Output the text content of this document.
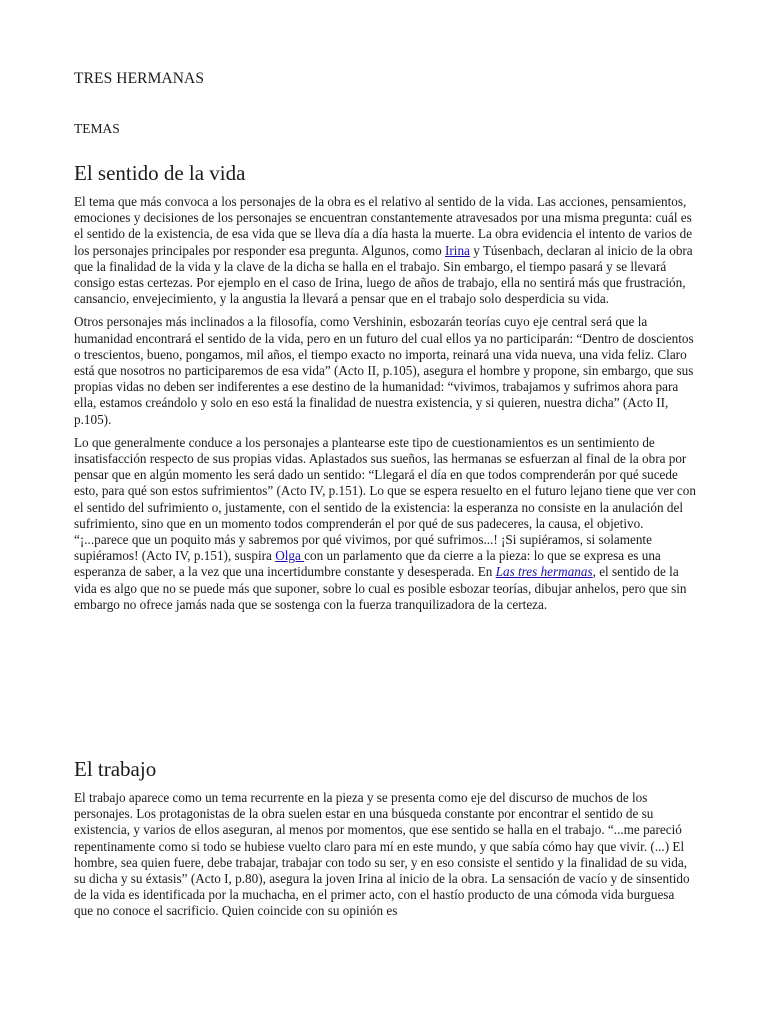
TRES HERMANAS
TEMAS
El sentido de la vida

El tema que más convoca a los personajes de la obra es el relativo al sentido de la vida. Las acciones, pensamientos, emociones y decisiones de los personajes se encuentran constantemente atravesados por una misma pregunta: cuál es el sentido de la existencia, de esa vida que se lleva día a día hasta la muerte. La obra evidencia el intento de varios de los personajes principales por responder esa pregunta. Algunos, como Irina y Túsenbach, declaran al inicio de la obra que la finalidad de la vida y la clave de la dicha se halla en el trabajo. Sin embargo, el tiempo pasará y se llevará consigo estas certezas. Por ejemplo en el caso de Irina, luego de años de trabajo, ella no sentirá más que frustración, cansancio, envejecimiento, y la angustia la llevará a pensar que en el trabajo solo desperdicia su vida.

Otros personajes más inclinados a la filosofía, como Vershinin, esbozarán teorías cuyo eje central será que la humanidad encontrará el sentido de la vida, pero en un futuro del cual ellos ya no participarán: “Dentro de doscientos o trescientos, bueno, pongamos, mil años, el tiempo exacto no importa, reinará una vida nueva, una vida feliz. Claro está que nosotros no participaremos de esa vida” (Acto II, p.105), asegura el hombre y propone, sin embargo, que sus propias vidas no deben ser indiferentes a ese destino de la humanidad: “vivimos, trabajamos y sufrimos ahora para ella, estamos creándolo y solo en eso está la finalidad de nuestra existencia, y si quieren, nuestra dicha” (Acto II, p.105).

Lo que generalmente conduce a los personajes a plantearse este tipo de cuestionamientos es un sentimiento de insatisfacción respecto de sus propias vidas. Aplastados sus sueños, las hermanas se esfuerzan al final de la obra por pensar que en algún momento les será dado un sentido: “Llegará el día en que todos comprenderán por qué sucede esto, para qué son estos sufrimientos” (Acto IV, p.151). Lo que se espera resuelto en el futuro lejano tiene que ver con el sentido del sufrimiento o, justamente, con el sentido de la existencia: la esperanza no consiste en la anulación del sufrimiento, sino que en un momento todos comprenderán el por qué de sus padeceres, la causa, el objetivo. “¡...parece que un poquito más y sabremos por qué vivimos, por qué sufrimos...! ¡Si supiéramos, si solamente supiéramos! (Acto IV, p.151), suspira Olga con un parlamento que da cierre a la pieza: lo que se expresa es una esperanza de saber, a la vez que una incertidumbre constante y desesperada. En Las tres hermanas, el sentido de la vida es algo que no se puede más que suponer, sobre lo cual es posible esbozar teorías, dibujar anhelos, pero que sin embargo no ofrece jamás nada que se sostenga con la fuerza tranquilizadora de la certeza.

El trabajo

El trabajo aparece como un tema recurrente en la pieza y se presenta como eje del discurso de muchos de los personajes. Los protagonistas de la obra suelen estar en una búsqueda constante por encontrar el sentido de su existencia, y varios de ellos aseguran, al menos por momentos, que ese sentido se halla en el trabajo. “...me pareció repentinamente como si todo se hubiese vuelto claro para mí en este mundo, y que sabía cómo hay que vivir. (...) El hombre, sea quien fuere, debe trabajar, trabajar con todo su ser, y en eso consiste el sentido y la finalidad de su vida, su dicha y su éxtasis” (Acto I, p.80), asegura la joven Irina al inicio de la obra. La sensación de vacío y de sinsentido de la vida es identificada por la muchacha, en el primer acto, con el hastío producto de una cómoda vida burguesa que no conoce el sacrificio. Quien coincide con su opinión es
